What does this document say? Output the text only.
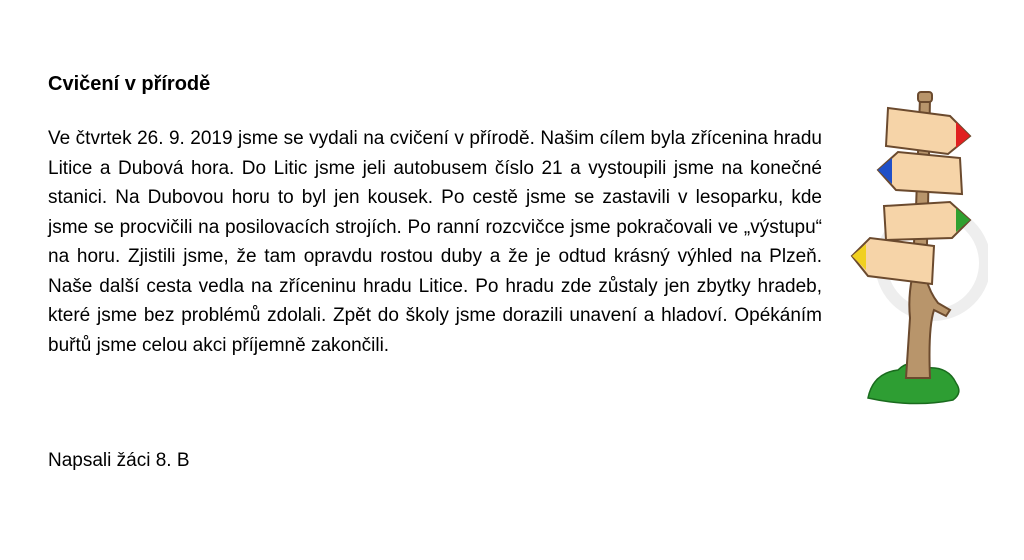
Cvičení v přírodě

Ve čtvrtek 26. 9. 2019 jsme se vydali na cvičení v přírodě. Našim cílem byla zřícenina hradu Litice a Dubová hora. Do Litic jsme jeli autobusem číslo 21 a vystoupili jsme na konečné stanici. Na Dubovou horu to byl jen kousek. Po cestě jsme se zastavili v lesoparku, kde jsme se procvičili na posilovacích strojích. Po ranní rozcvičce jsme pokračovali ve „výstupu“ na horu. Zjistili jsme, že tam opravdu rostou duby a že je odtud krásný výhled na Plzeň. Naše další cesta vedla na zříceninu hradu Litice. Po hradu zde zůstaly jen zbytky hradeb, které jsme bez problémů zdolali. Zpět do školy jsme dorazili unavení a hladoví. Opékáním buřtů jsme celou akci příjemně zakončili.

Napsali žáci 8. B
